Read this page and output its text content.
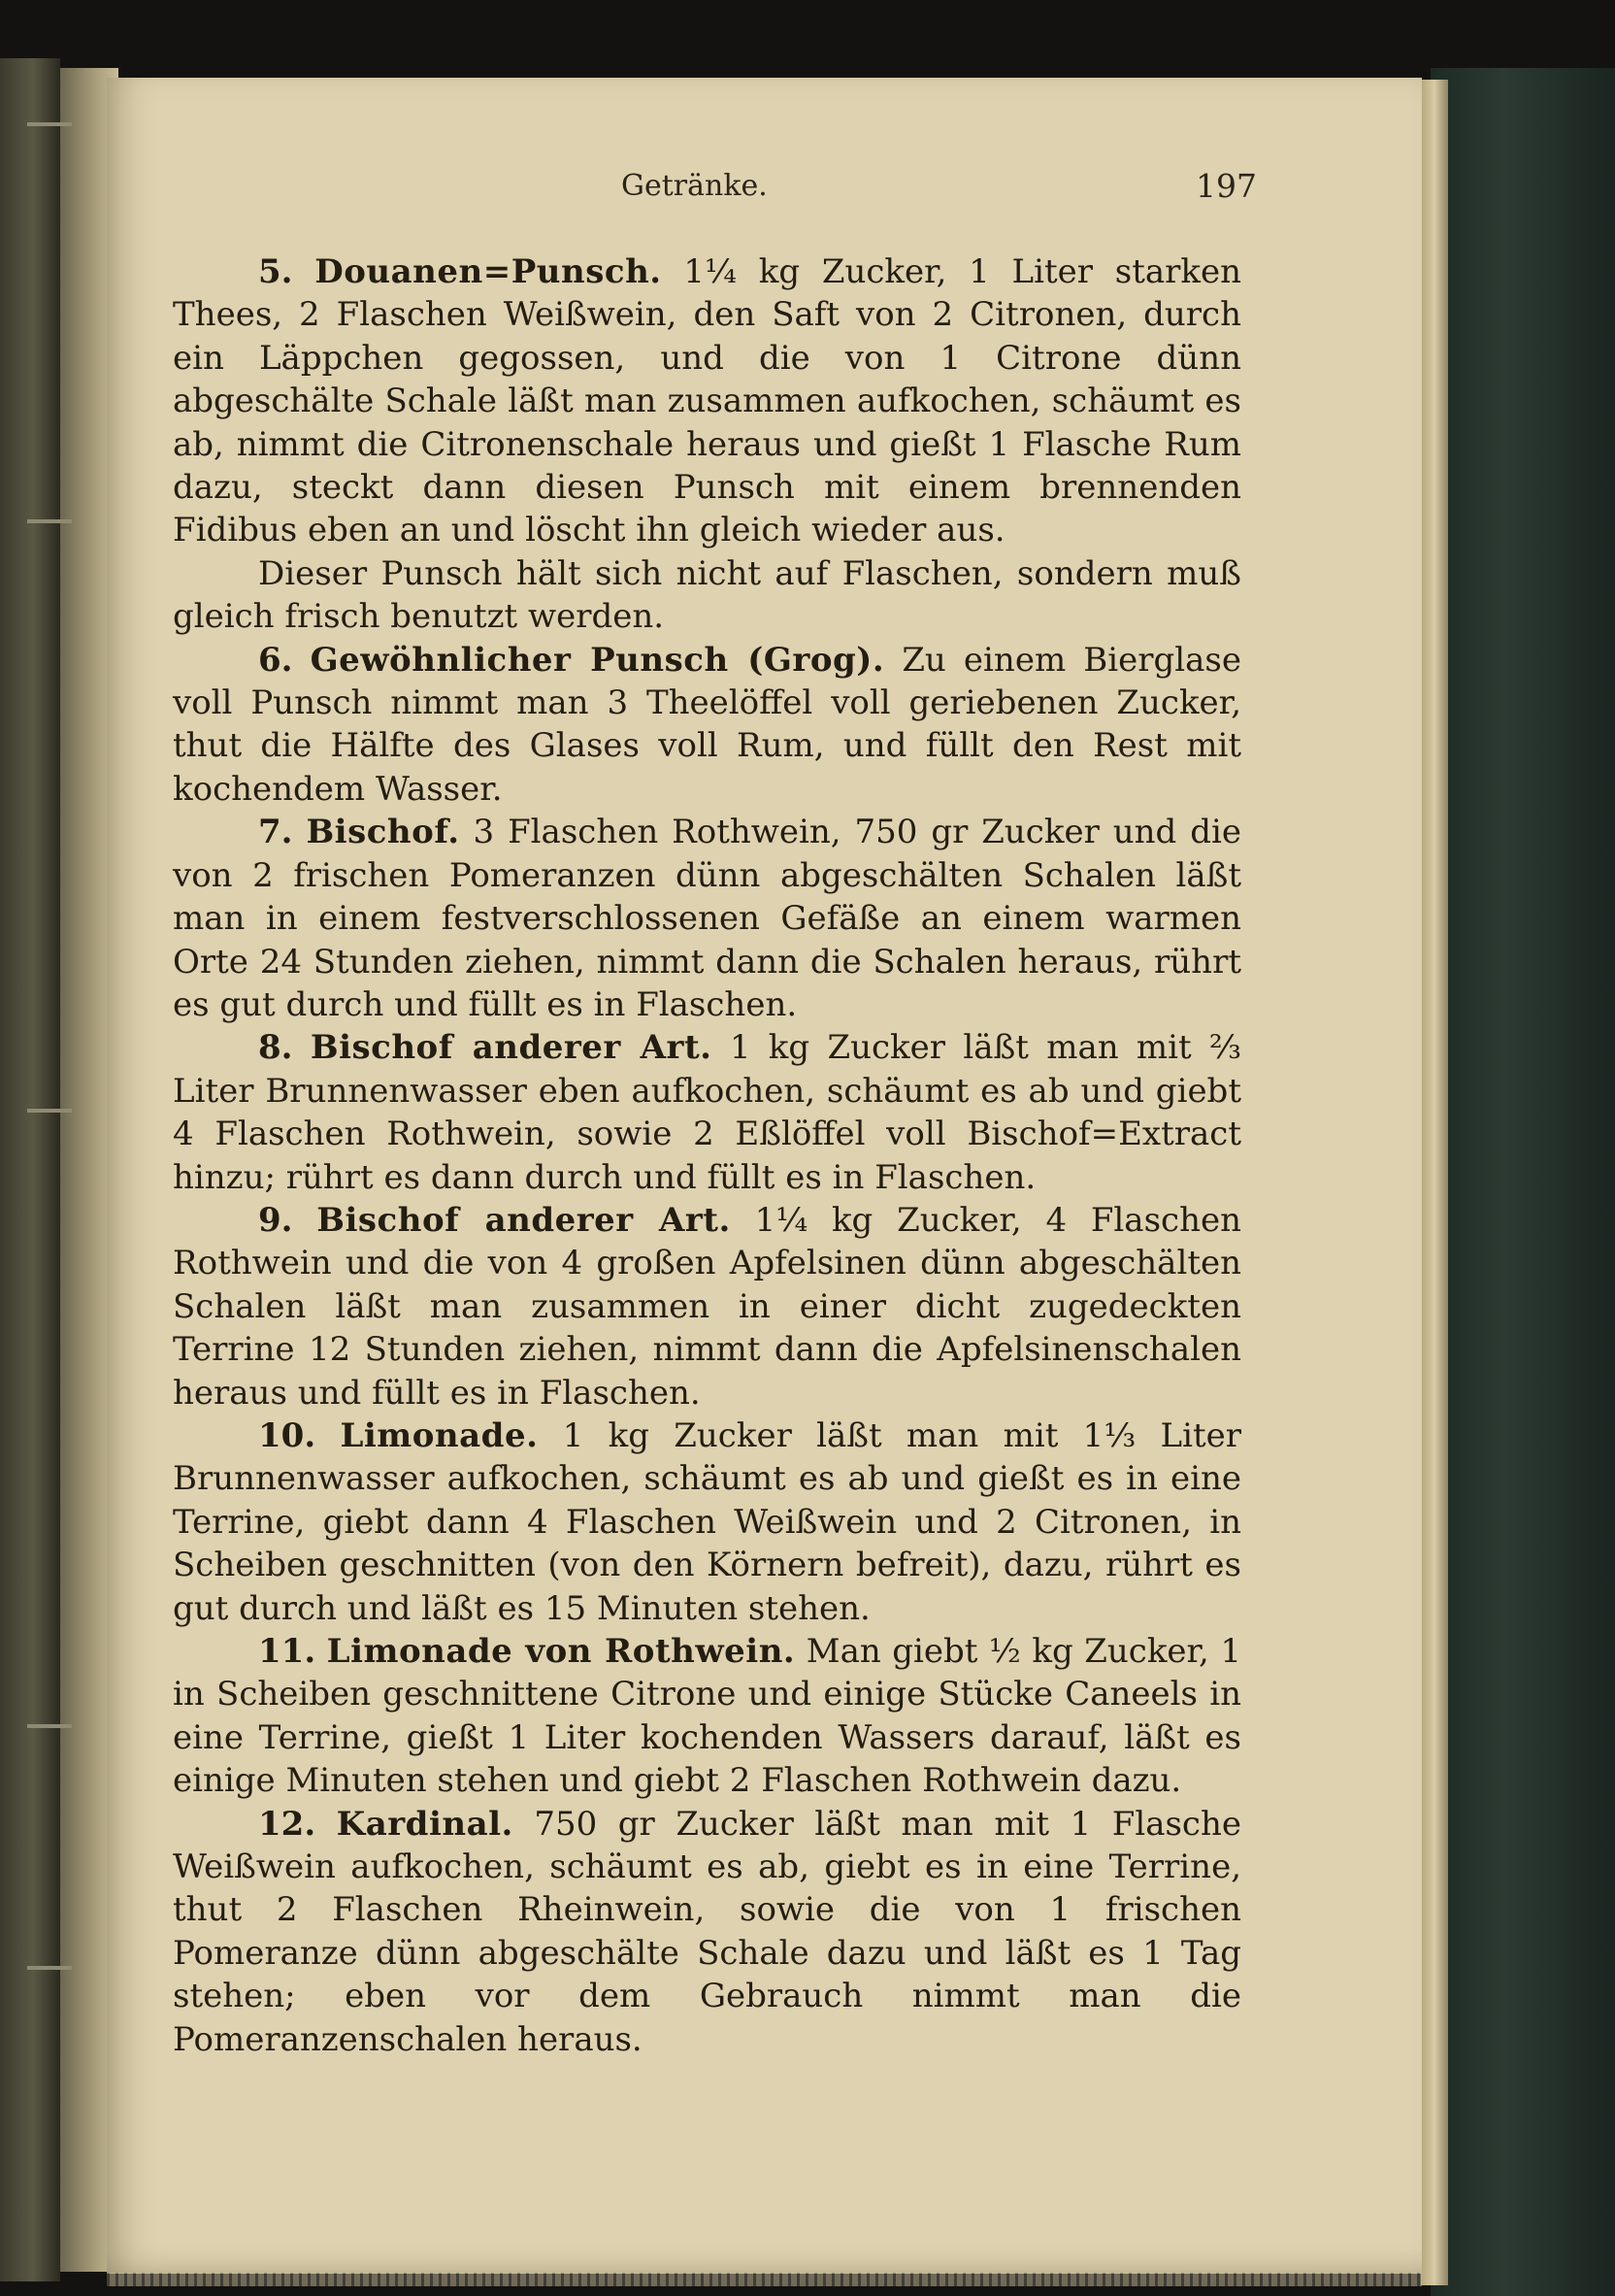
Getränke.	197

5. Douanen=Punsch. 1¼ kg Zucker, 1 Liter starken Thees, 2 Flaschen Weißwein, den Saft von 2 Citronen, durch ein Läppchen gegossen, und die von 1 Citrone dünn abgeschälte Schale läßt man zusammen aufkochen, schäumt es ab, nimmt die Citronenschale heraus und gießt 1 Flasche Rum dazu, steckt dann diesen Punsch mit einem brennenden Fidibus eben an und löscht ihn gleich wieder aus.

Dieser Punsch hält sich nicht auf Flaschen, sondern muß gleich frisch benutzt werden.

6. Gewöhnlicher Punsch (Grog). Zu einem Bierglase voll Punsch nimmt man 3 Theelöffel voll geriebenen Zucker, thut die Hälfte des Glases voll Rum, und füllt den Rest mit kochendem Wasser.

7. Bischof. 3 Flaschen Rothwein, 750 gr Zucker und die von 2 frischen Pomeranzen dünn abgeschälten Schalen läßt man in einem festverschlossenen Gefäße an einem warmen Orte 24 Stunden ziehen, nimmt dann die Schalen heraus, rührt es gut durch und füllt es in Flaschen.

8. Bischof anderer Art. 1 kg Zucker läßt man mit ⅔ Liter Brunnenwasser eben aufkochen, schäumt es ab und giebt 4 Flaschen Rothwein, sowie 2 Eßlöffel voll Bischof=Extract hinzu; rührt es dann durch und füllt es in Flaschen.

9. Bischof anderer Art. 1¼ kg Zucker, 4 Flaschen Rothwein und die von 4 großen Apfelsinen dünn abgeschälten Schalen läßt man zusammen in einer dicht zugedeckten Terrine 12 Stunden ziehen, nimmt dann die Apfelsinenschalen heraus und füllt es in Flaschen.

10. Limonade. 1 kg Zucker läßt man mit 1⅓ Liter Brunnenwasser aufkochen, schäumt es ab und gießt es in eine Terrine, giebt dann 4 Flaschen Weißwein und 2 Citronen, in Scheiben geschnitten (von den Körnern befreit), dazu, rührt es gut durch und läßt es 15 Minuten stehen.

11. Limonade von Rothwein. Man giebt ½ kg Zucker, 1 in Scheiben geschnittene Citrone und einige Stücke Caneels in eine Terrine, gießt 1 Liter kochenden Wassers darauf, läßt es einige Minuten stehen und giebt 2 Flaschen Rothwein dazu.

12. Kardinal. 750 gr Zucker läßt man mit 1 Flasche Weißwein aufkochen, schäumt es ab, giebt es in eine Terrine, thut 2 Flaschen Rheinwein, sowie die von 1 frischen Pomeranze dünn abgeschälte Schale dazu und läßt es 1 Tag stehen; eben vor dem Gebrauch nimmt man die Pomeranzenschalen heraus.
